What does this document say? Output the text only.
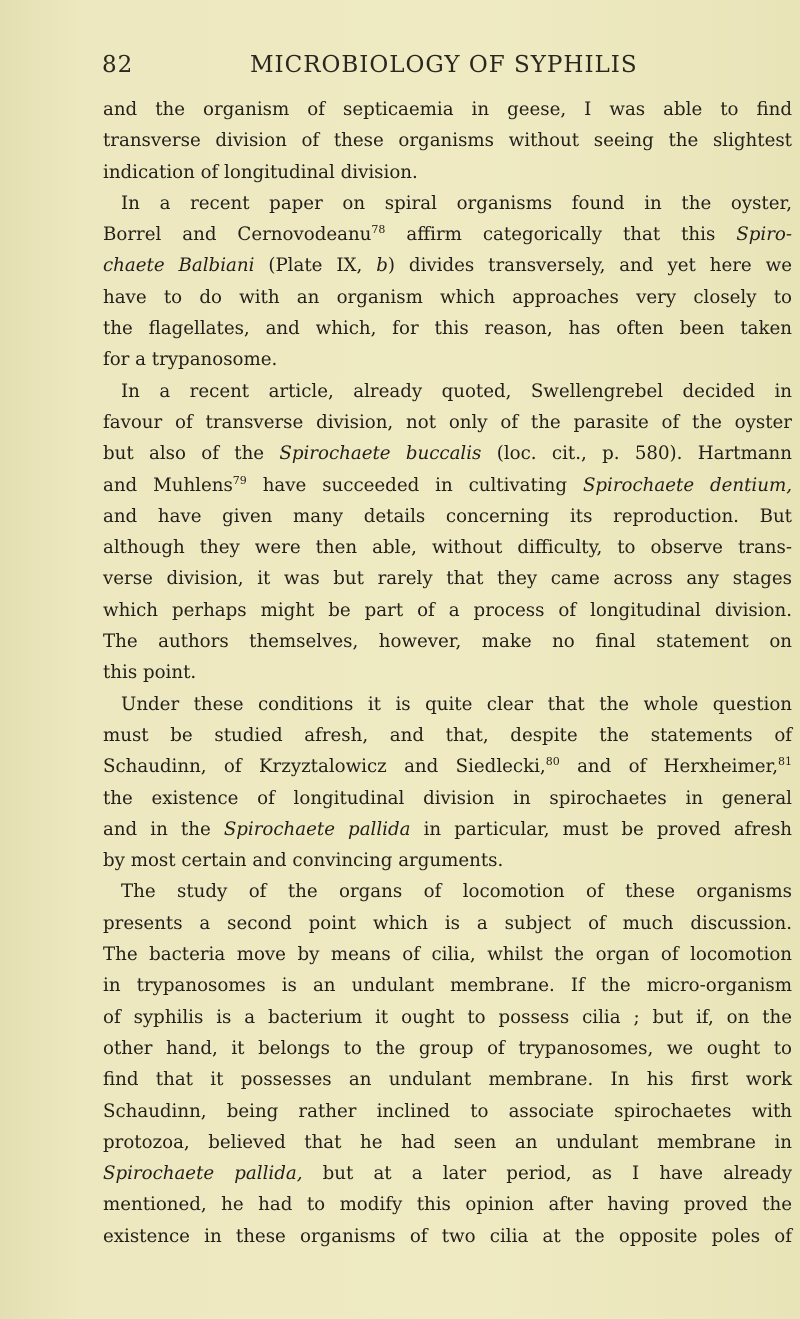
82	MICROBIOLOGY OF SYPHILIS
and the organism of septicaemia in geese, I was able to find
transverse division of these organisms without seeing the slightest
indication of longitudinal division.
In a recent paper on spiral organisms found in the oyster,
Borrel and Cernovodeanu$^{78}$ affirm categorically that this Spiro-
chaete Balbiani (Plate IX, b) divides transversely, and yet here we
have to do with an organism which approaches very closely to
the flagellates, and which, for this reason, has often been taken
for a trypanosome.
In a recent article, already quoted, Swellengrebel decided in
favour of transverse division, not only of the parasite of the oyster
but also of the Spirochaete buccalis (loc. cit., p. 580). Hartmann
and Muhlens$^{79}$ have succeeded in cultivating Spirochaete dentium,
and have given many details concerning its reproduction. But
although they were then able, without difficulty, to observe trans-
verse division, it was but rarely that they came across any stages
which perhaps might be part of a process of longitudinal division.
The authors themselves, however, make no final statement on
this point.
Under these conditions it is quite clear that the whole question
must be studied afresh, and that, despite the statements of
Schaudinn, of Krzyztalowicz and Siedlecki,$^{80}$ and of Herxheimer,$^{81}$
the existence of longitudinal division in spirochaetes in general
and in the Spirochaete pallida in particular, must be proved afresh
by most certain and convincing arguments.
The study of the organs of locomotion of these organisms
presents a second point which is a subject of much discussion.
The bacteria move by means of cilia, whilst the organ of locomotion
in trypanosomes is an undulant membrane. If the micro-organism
of syphilis is a bacterium it ought to possess cilia ; but if, on the
other hand, it belongs to the group of trypanosomes, we ought to
find that it possesses an undulant membrane. In his first work
Schaudinn, being rather inclined to associate spirochaetes with
protozoa, believed that he had seen an undulant membrane in
Spirochaete pallida, but at a later period, as I have already
mentioned, he had to modify this opinion after having proved the
existence in these organisms of two cilia at the opposite poles of
